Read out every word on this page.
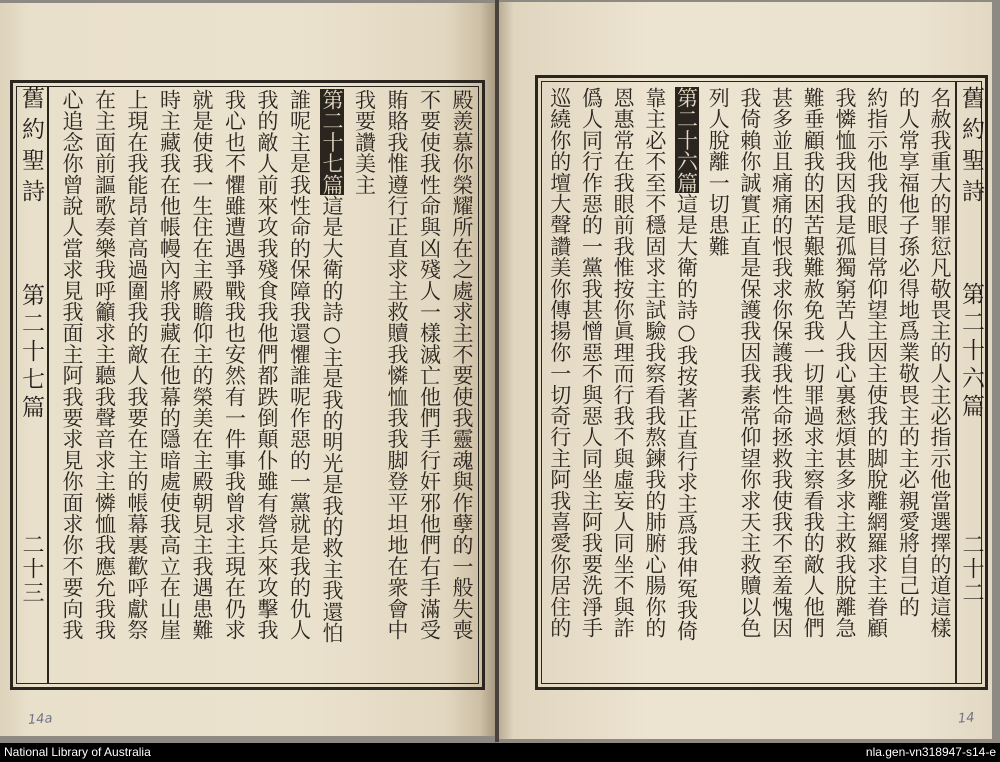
舊約聖詩
第二十七篇
二十三	殿羨慕你榮耀所在之處求主不要使我靈魂與作孽的一般失喪
不要使我性命與凶殘人一樣滅亡他們手行奸邪他們右手滿受
賄賂我惟遵行正直求主救贖我憐恤我我脚登平坦地在衆會中
我要讚美主
第二十七篇這是大衛的詩○主是我的明光是我的救主我還怕
誰呢主是我性命的保障我還懼誰呢作惡的一黨就是我的仇人
我的敵人前來攻我殘食我他們都跌倒顛仆雖有營兵來攻擊我
我心也不懼雖遭遇爭戰我也安然有一件事我曾求主現在仍求
就是使我一生住在主殿瞻仰主的榮美在主殿朝見主我遇患難
時主藏我在他帳幔內將我藏在他幕的隱暗處使我高立在山崖
上現在我能昂首高過圍我的敵人我要在主的帳幕裏歡呼獻祭
在主面前謳歌奏樂我呼籲求主聽我聲音求主憐恤我應允我我
心追念你曾說人當求見我面主阿我要求見你面求你不要向我
14a
舊約聖詩
第二十六篇
二十二
名赦我重大的罪愆凡敬畏主的人主必指示他當選擇的道這樣
的人常享福他子孫必得地爲業敬畏主的主必親愛將自己的
約指示他我的眼目常仰望主因主使我的脚脫離網羅求主眷顧
我憐恤我因我是孤獨窮苦人我心裏愁煩甚多求主救我脫離急
難垂顧我的困苦艱難赦免我一切罪過求主察看我的敵人他們
甚多並且痛痛的恨我求你保護我性命拯救我使我不至羞愧因
我倚賴你誠實正直是保護我因我素常仰望你求天主救贖以色
列人脫離一切患難
第二十六篇這是大衛的詩○我按著正直行求主爲我伸冤我倚
靠主必不至不穩固求主試驗我察看我熬鍊我的肺腑心腸你的
恩惠常在我眼前我惟按你眞理而行我不與虛妄人同坐不與詐
僞人同行作惡的一黨我甚憎惡不與惡人同坐主阿我要洗淨手
巡繞你的壇大聲讚美你傳揚你一切奇行主阿我喜愛你居住的
14
National Library of Australia	nla.gen-vn318947-s14-e
